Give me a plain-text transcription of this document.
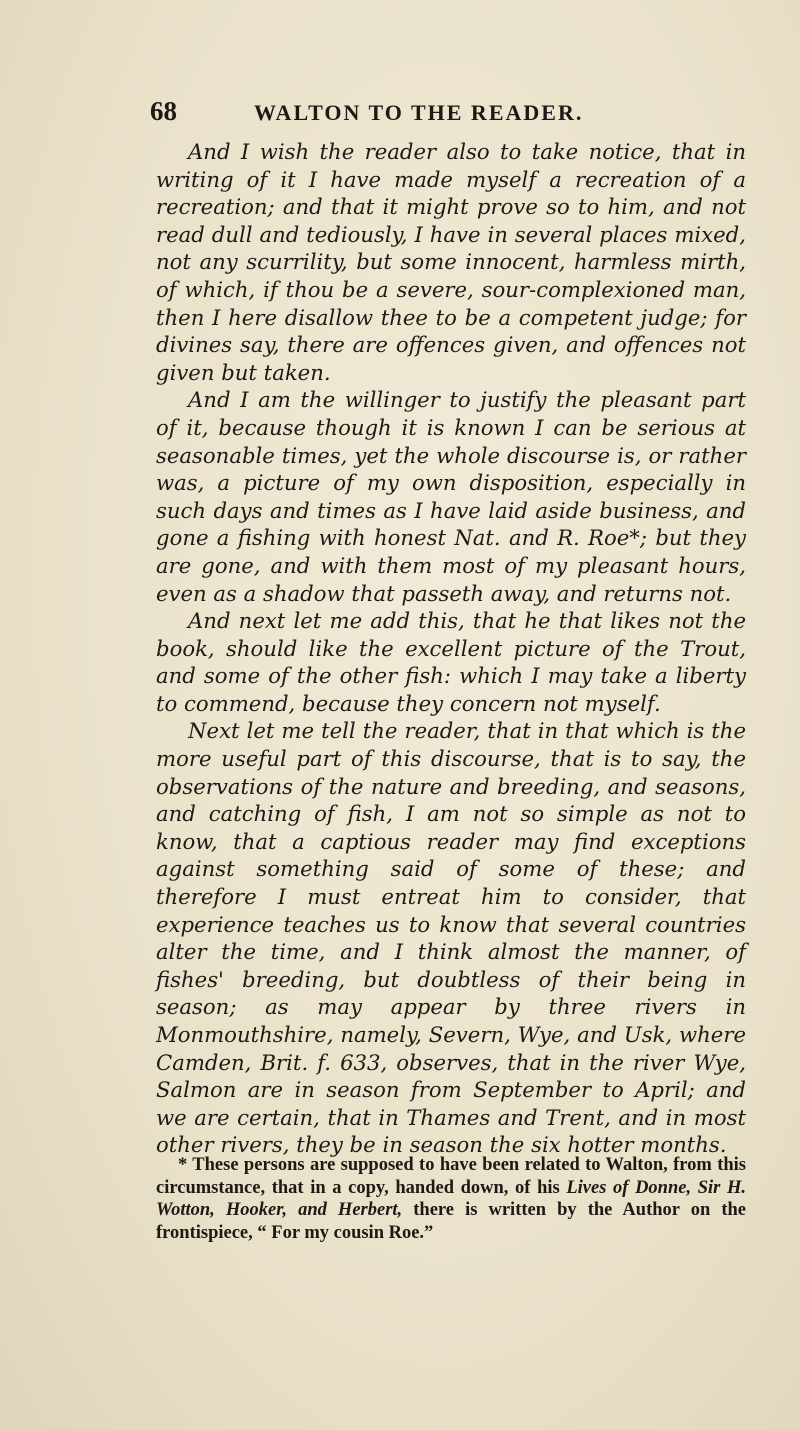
68	WALTON TO THE READER.

And I wish the reader also to take notice, that in writing of it I have made myself a recreation of a recreation; and that it might prove so to him, and not read dull and tediously, I have in several places mixed, not any scurrility, but some innocent, harmless mirth, of which, if thou be a severe, sour-complexioned man, then I here disallow thee to be a competent judge; for divines say, there are offences given, and offences not given but taken.

And I am the willinger to justify the pleasant part of it, because though it is known I can be serious at seasonable times, yet the whole discourse is, or rather was, a picture of my own disposition, especially in such days and times as I have laid aside business, and gone a fishing with honest Nat. and R. Roe*; but they are gone, and with them most of my pleasant hours, even as a shadow that passeth away, and returns not.

And next let me add this, that he that likes not the book, should like the excellent picture of the Trout, and some of the other fish: which I may take a liberty to commend, because they concern not myself.

Next let me tell the reader, that in that which is the more useful part of this discourse, that is to say, the observations of the nature and breeding, and seasons, and catching of fish, I am not so simple as not to know, that a captious reader may find exceptions against something said of some of these; and therefore I must entreat him to consider, that experience teaches us to know that several countries alter the time, and I think almost the manner, of fishes' breeding, but doubtless of their being in season; as may appear by three rivers in Monmouthshire, namely, Severn, Wye, and Usk, where Camden, Brit. f. 633, observes, that in the river Wye, Salmon are in season from September to April; and we are certain, that in Thames and Trent, and in most other rivers, they be in season the six hotter months.

* These persons are supposed to have been related to Walton, from this circumstance, that in a copy, handed down, of his Lives of Donne, Sir H. Wotton, Hooker, and Herbert, there is written by the Author on the frontispiece, “ For my cousin Roe.”
